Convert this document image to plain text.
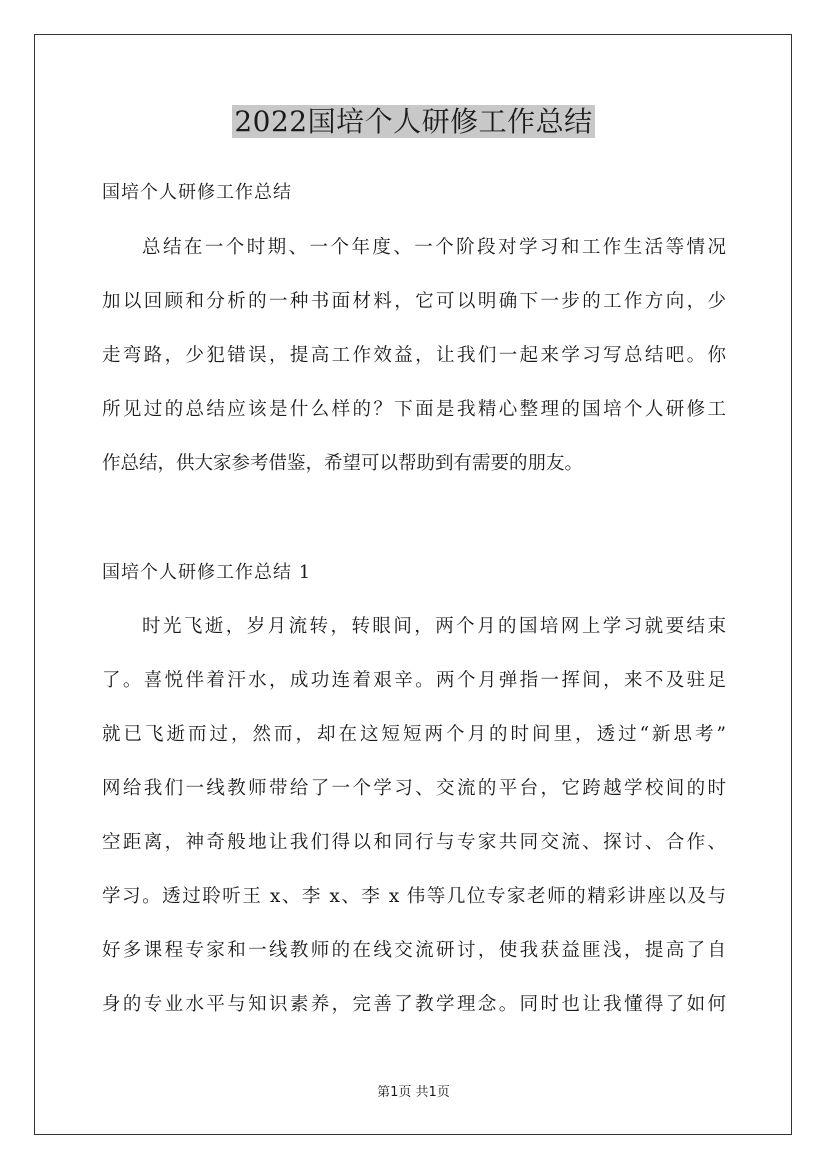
2022国培个人研修工作总结
国培个人研修工作总结
总结在一个时期、一个年度、一个阶段对学习和工作生活等情况
加以回顾和分析的一种书面材料，它可以明确下一步的工作方向，少
走弯路，少犯错误，提高工作效益，让我们一起来学习写总结吧。你
所见过的总结应该是什么样的？下面是我精心整理的国培个人研修工
作总结，供大家参考借鉴，希望可以帮助到有需要的朋友。
国培个人研修工作总结 1
时光飞逝，岁月流转，转眼间，两个月的国培网上学习就要结束
了。喜悦伴着汗水，成功连着艰辛。两个月弹指一挥间，来不及驻足
就已飞逝而过，然而，却在这短短两个月的时间里，透过“新思考”
网给我们一线教师带给了一个学习、交流的平台，它跨越学校间的时
空距离，神奇般地让我们得以和同行与专家共同交流、探讨、合作、
学习。透过聆听王 x、李 x、李 x 伟等几位专家老师的精彩讲座以及与
好多课程专家和一线教师的在线交流研讨，使我获益匪浅，提高了自
身的专业水平与知识素养，完善了教学理念。同时也让我懂得了如何
第1页 共1页
